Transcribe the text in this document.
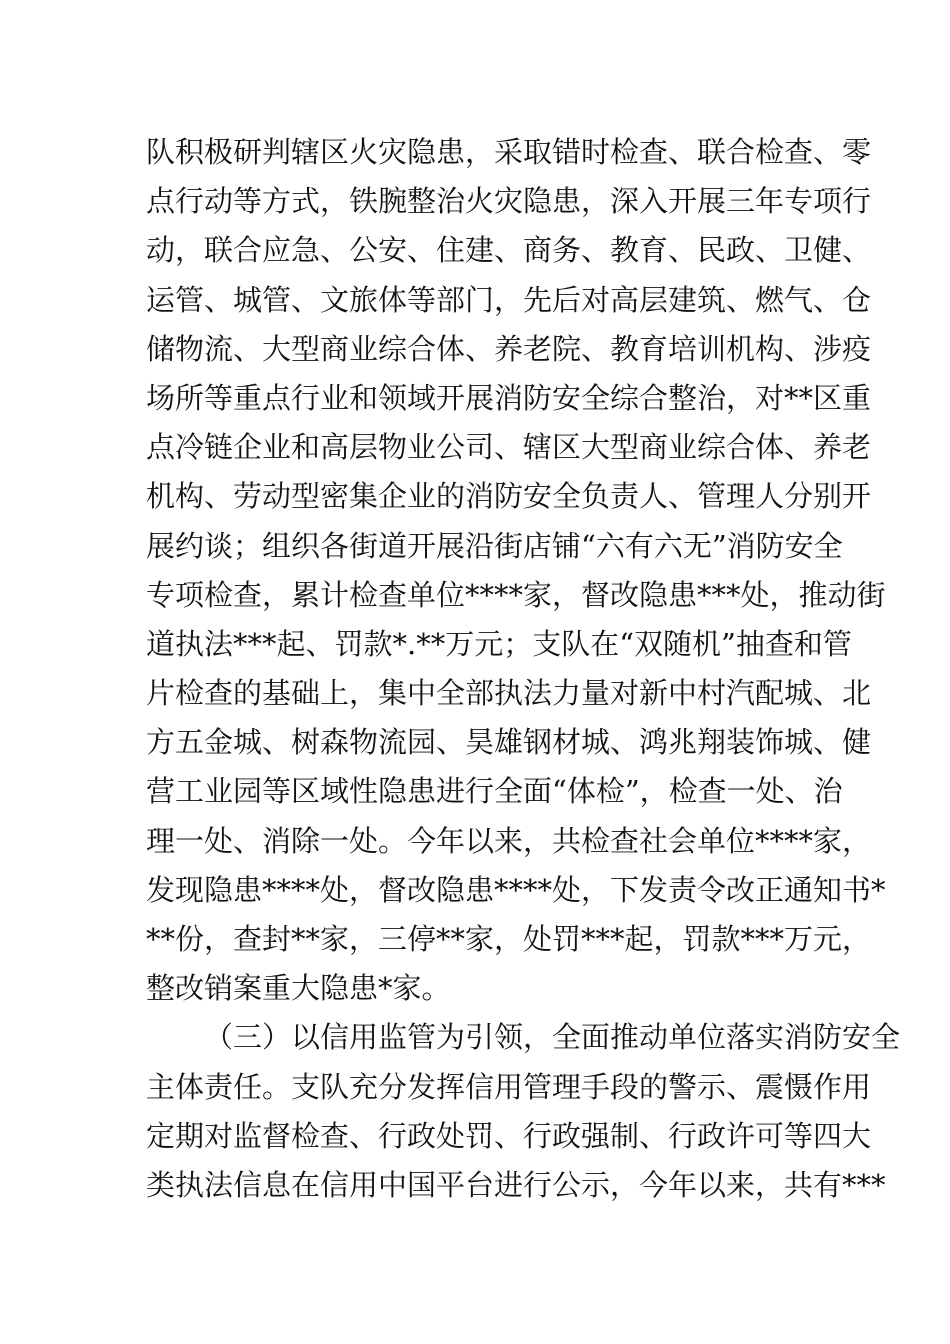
队积极研判辖区火灾隐患，采取错时检查、联合检查、零
点行动等方式，铁腕整治火灾隐患，深入开展三年专项行
动，联合应急、公安、住建、商务、教育、民政、卫健、
运管、城管、文旅体等部门，先后对高层建筑、燃气、仓
储物流、大型商业综合体、养老院、教育培训机构、涉疫
场所等重点行业和领域开展消防安全综合整治，对**区重
点冷链企业和高层物业公司、辖区大型商业综合体、养老
机构、劳动型密集企业的消防安全负责人、管理人分别开
展约谈；组织各街道开展沿街店铺“六有六无”消防安全
专项检查，累计检查单位****家，督改隐患***处，推动街
道执法***起、罚款*.**万元；支队在“双随机”抽查和管
片检查的基础上，集中全部执法力量对新中村汽配城、北
方五金城、树森物流园、昊雄钢材城、鸿兆翔装饰城、健
营工业园等区域性隐患进行全面“体检”，检查一处、治
理一处、消除一处。今年以来，共检查社会单位****家，
发现隐患****处，督改隐患****处，下发责令改正通知书*
**份，查封**家，三停**家，处罚***起，罚款***万元，
整改销案重大隐患*家。
（三）以信用监管为引领，全面推动单位落实消防安全
主体责任。支队充分发挥信用管理手段的警示、震慑作用
定期对监督检查、行政处罚、行政强制、行政许可等四大
类执法信息在信用中国平台进行公示，今年以来，共有***
